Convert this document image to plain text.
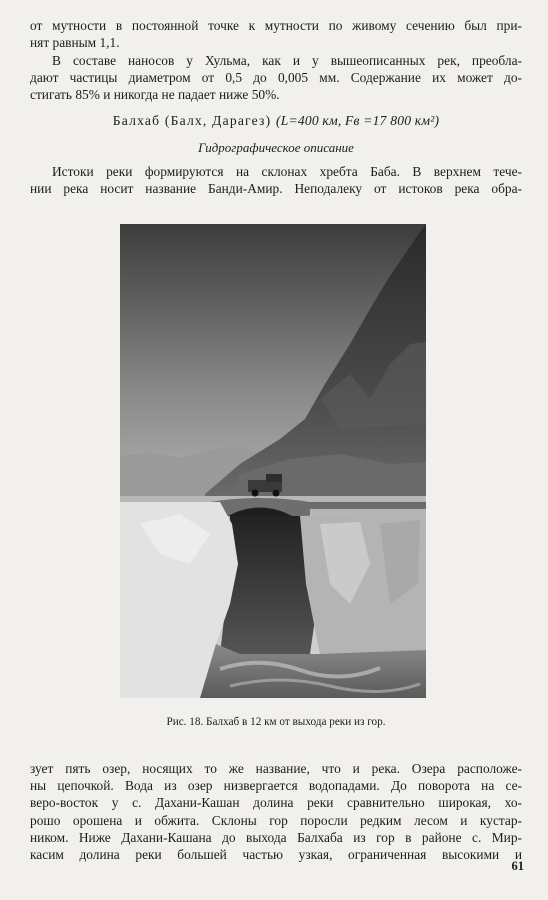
от мутности в постоянной точке к мутности по живому сечению был при-
нят равным 1,1.

В составе наносов у Хульма, как и у вышеописанных рек, преобла-
дают частицы диаметром от 0,5 до 0,005 мм. Содержание их может до-
стигать 85% и никогда не падает ниже 50%.

Балхаб (Балх, Дарагез) (L=400 км, Fв =17 800 км²)
Гидрографическое описание

Истоки реки формируются на склонах хребта Баба. В верхнем тече-
нии река носит название Банди-Амир. Неподалеку от истоков река обра-

Рис. 18. Балхаб в 12 км от выхода реки из гор.

зует пять озер, носящих то же название, что и река. Озера расположе-
ны цепочкой. Вода из озер низвергается водопадами. До поворота на се-
веро-восток у с. Дахани-Кашан долина реки сравнительно широкая, хо-
рошо орошена и обжита. Склоны гор поросли редким лесом и кустар-
ником. Ниже Дахани-Кашана до выхода Балхаба из гор в районе с. Мир-
касим долина реки большей частью узкая, ограниченная высокими и

61
